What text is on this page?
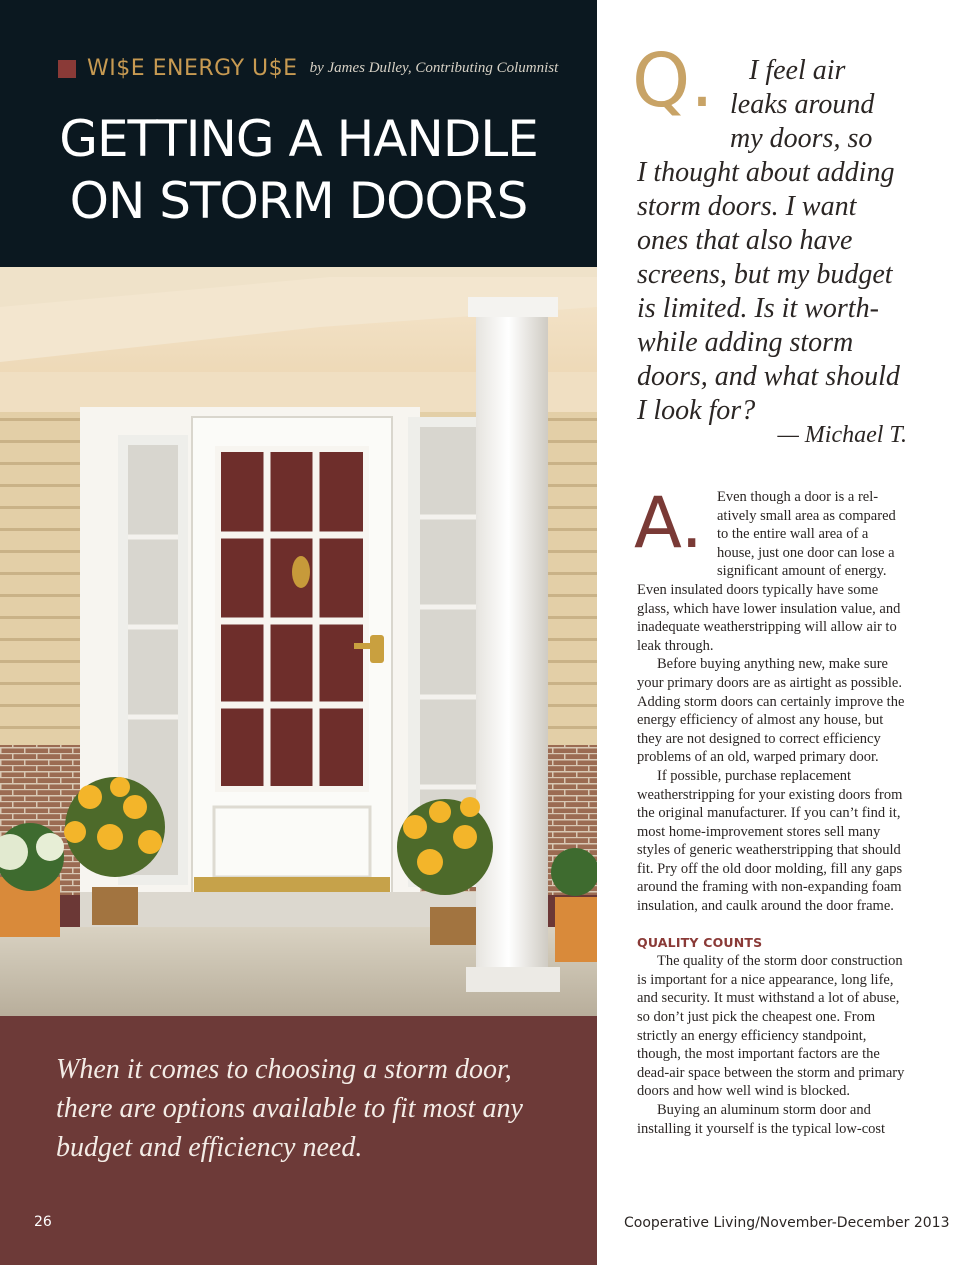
WI$E ENERGY U$E by James Dulley, Contributing Columnist
GETTING A HANDLE
ON STORM DOORS
When it comes to choosing a storm door, there are options available to fit most any budget and efficiency need.
26
Q.	I feel air
leaks around
my doors, so
I thought about adding
storm doors. I want
ones that also have
screens, but my budget
is limited. Is it worth-
while adding storm
doors, and what should
I look for?
— Michael T.
A. Even though a door is a rel-
atively small area as compared
to the entire wall area of a
house, just one door can lose a
significant amount of energy.
Even insulated doors typically have some glass, which have lower insulation value, and inadequate weatherstripping will allow air to leak through.

Before buying anything new, make sure your primary doors are as airtight as possible. Adding storm doors can certainly improve the energy efficiency of almost any house, but they are not designed to correct efficiency problems of an old, warped primary door.

If possible, purchase replacement weatherstripping for your existing doors from the original manufacturer. If you can’t find it, most home-improvement stores sell many styles of generic weatherstripping that should fit. Pry off the old door molding, fill any gaps around the framing with non-expanding foam insulation, and caulk around the door frame.

QUALITY COUNTS

The quality of the storm door construction is important for a nice appearance, long life, and security. It must withstand a lot of abuse, so don’t just pick the cheapest one. From strictly an energy efficiency standpoint, though, the most important factors are the dead-air space between the storm and primary doors and how well wind is blocked.

Buying an aluminum storm door and installing it yourself is the typical low-cost

Cooperative Living/November-December 2013
